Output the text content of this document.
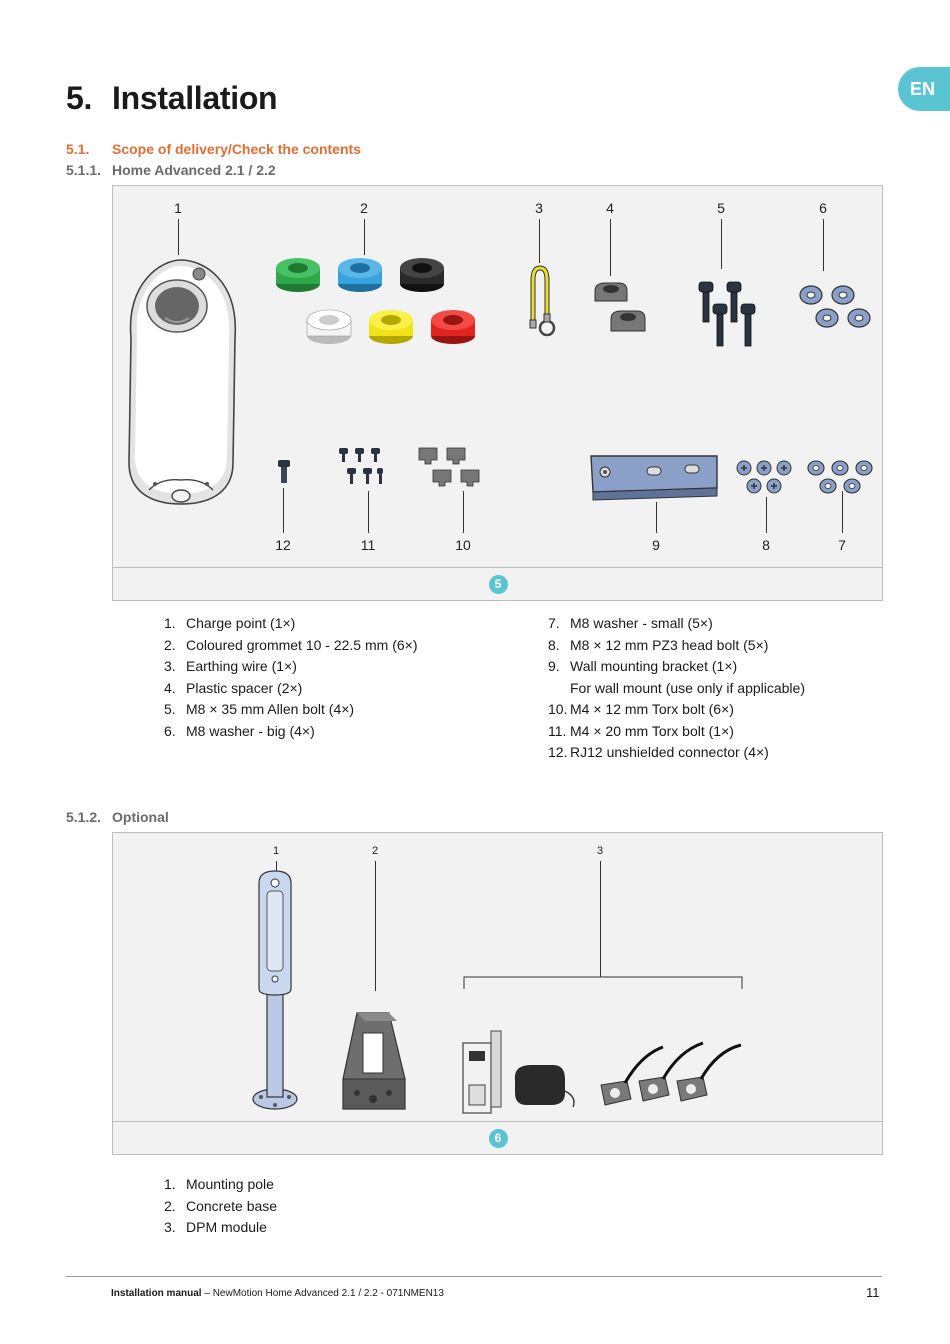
EN
5. Installation
5.1. Scope of delivery/Check the contents
5.1.1. Home Advanced 2.1 / 2.2
1	2	3	4	5	6
12	11	10	9	8	7
5
1. Charge point (1×)
2. Coloured grommet 10 - 22.5 mm (6×)
3. Earthing wire (1×)
4. Plastic spacer (2×)
5. M8 × 35 mm Allen bolt (4×)
6. M8 washer - big (4×)
7. M8 washer - small (5×)
8. M8 × 12 mm PZ3 head bolt (5×)
9. Wall mounting bracket (1×)
For wall mount (use only if applicable)
10. M4 × 12 mm Torx bolt (6×)
11. M4 × 20 mm Torx bolt (1×)
12. RJ12 unshielded connector (4×)
5.1.2. Optional
1	2	3
6
1. Mounting pole
2. Concrete base
3. DPM module
Installation manual – NewMotion Home Advanced 2.1 / 2.2 - 071NMEN13	11
